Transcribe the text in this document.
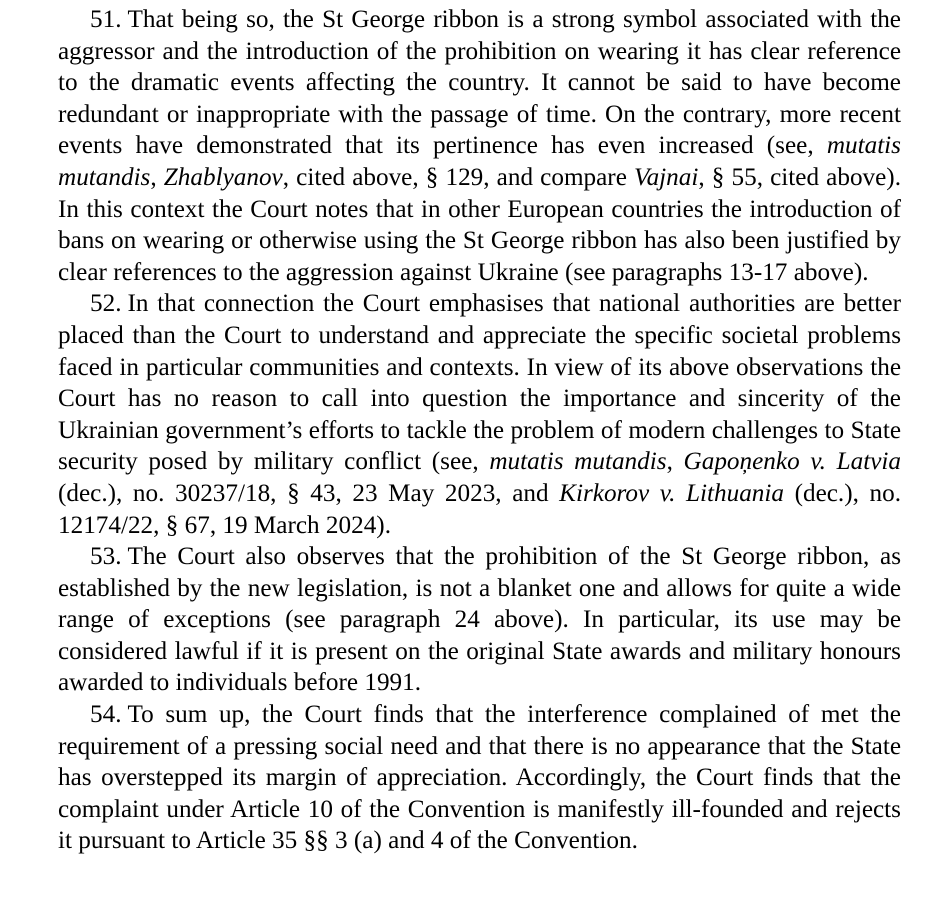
51. That being so, the St George ribbon is a strong symbol associated with the aggressor and the introduction of the prohibition on wearing it has clear reference to the dramatic events affecting the country. It cannot be said to have become redundant or inappropriate with the passage of time. On the contrary, more recent events have demonstrated that its pertinence has even increased (see, mutatis mutandis, Zhablyanov, cited above, § 129, and compare Vajnai, § 55, cited above). In this context the Court notes that in other European countries the introduction of bans on wearing or otherwise using the St George ribbon has also been justified by clear references to the aggression against Ukraine (see paragraphs 13-17 above).

52. In that connection the Court emphasises that national authorities are better placed than the Court to understand and appreciate the specific societal problems faced in particular communities and contexts. In view of its above observations the Court has no reason to call into question the importance and sincerity of the Ukrainian government’s efforts to tackle the problem of modern challenges to State security posed by military conflict (see, mutatis mutandis, Gapoņenko v. Latvia (dec.), no. 30237/18, § 43, 23 May 2023, and Kirkorov v. Lithuania (dec.), no. 12174/22, § 67, 19 March 2024).

53. The Court also observes that the prohibition of the St George ribbon, as established by the new legislation, is not a blanket one and allows for quite a wide range of exceptions (see paragraph 24 above). In particular, its use may be considered lawful if it is present on the original State awards and military honours awarded to individuals before 1991.

54. To sum up, the Court finds that the interference complained of met the requirement of a pressing social need and that there is no appearance that the State has overstepped its margin of appreciation. Accordingly, the Court finds that the complaint under Article 10 of the Convention is manifestly ill-founded and rejects it pursuant to Article 35 §§ 3 (a) and 4 of the Convention.
